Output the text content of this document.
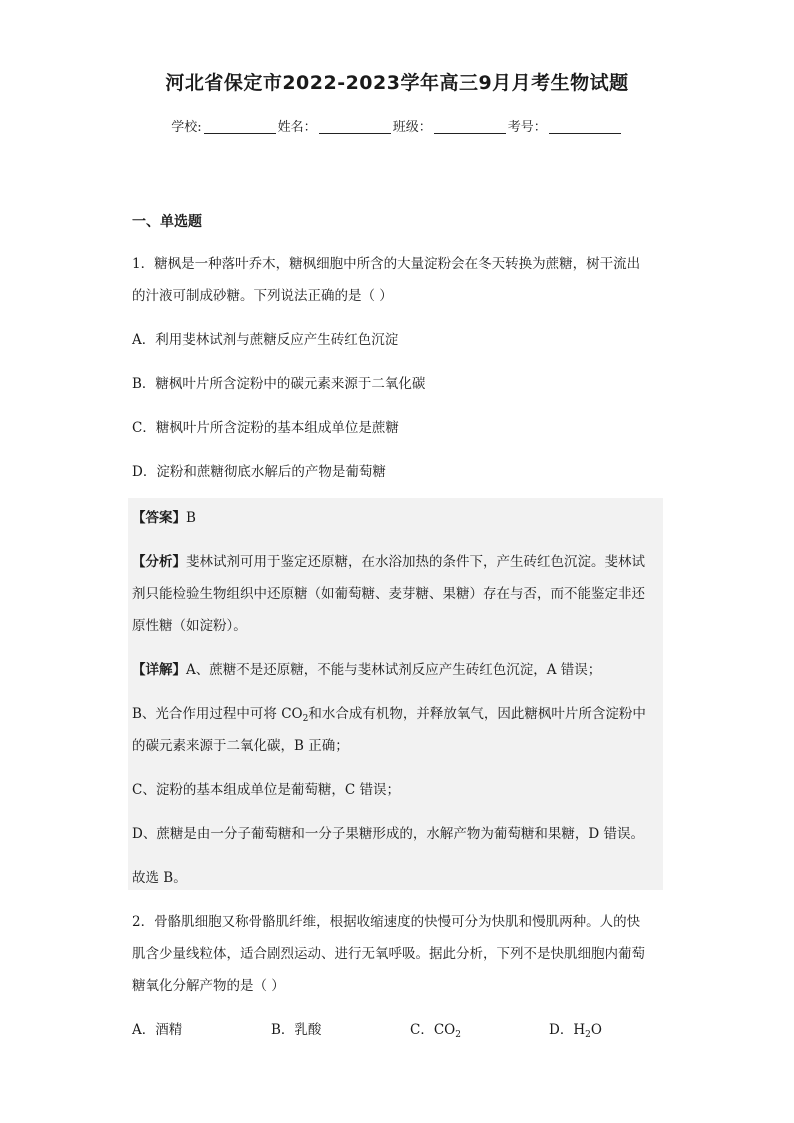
河北省保定市2022-2023学年高三9月月考生物试题
学校:	姓名：	班级：	考号：
一、单选题
1．糖枫是一种落叶乔木，糖枫细胞中所含的大量淀粉会在冬天转换为蔗糖，树干流出
的汁液可制成砂糖。下列说法正确的是（ ）
A．利用斐林试剂与蔗糖反应产生砖红色沉淀
B．糖枫叶片所含淀粉中的碳元素来源于二氧化碳
C．糖枫叶片所含淀粉的基本组成单位是蔗糖
D．淀粉和蔗糖彻底水解后的产物是葡萄糖
【答案】B
【分析】斐林试剂可用于鉴定还原糖，在水浴加热的条件下，产生砖红色沉淀。斐林试
剂只能检验生物组织中还原糖（如葡萄糖、麦芽糖、果糖）存在与否，而不能鉴定非还
原性糖（如淀粉）。
【详解】A、蔗糖不是还原糖，不能与斐林试剂反应产生砖红色沉淀，A 错误；
B、光合作用过程中可将 $CO_2$和水合成有机物，并释放氧气，因此糖枫叶片所含淀粉中
的碳元素来源于二氧化碳，B 正确；
C、淀粉的基本组成单位是葡萄糖，C 错误；
D、蔗糖是由一分子葡萄糖和一分子果糖形成的，水解产物为葡萄糖和果糖，D 错误。
故选 B。
2．骨骼肌细胞又称骨骼肌纤维，根据收缩速度的快慢可分为快肌和慢肌两种。人的快
肌含少量线粒体，适合剧烈运动、进行无氧呼吸。据此分析，下列不是快肌细胞内葡萄
糖氧化分解产物的是（ ）
A．酒精	B．乳酸	C．$CO_2$	D．$H_2O$
